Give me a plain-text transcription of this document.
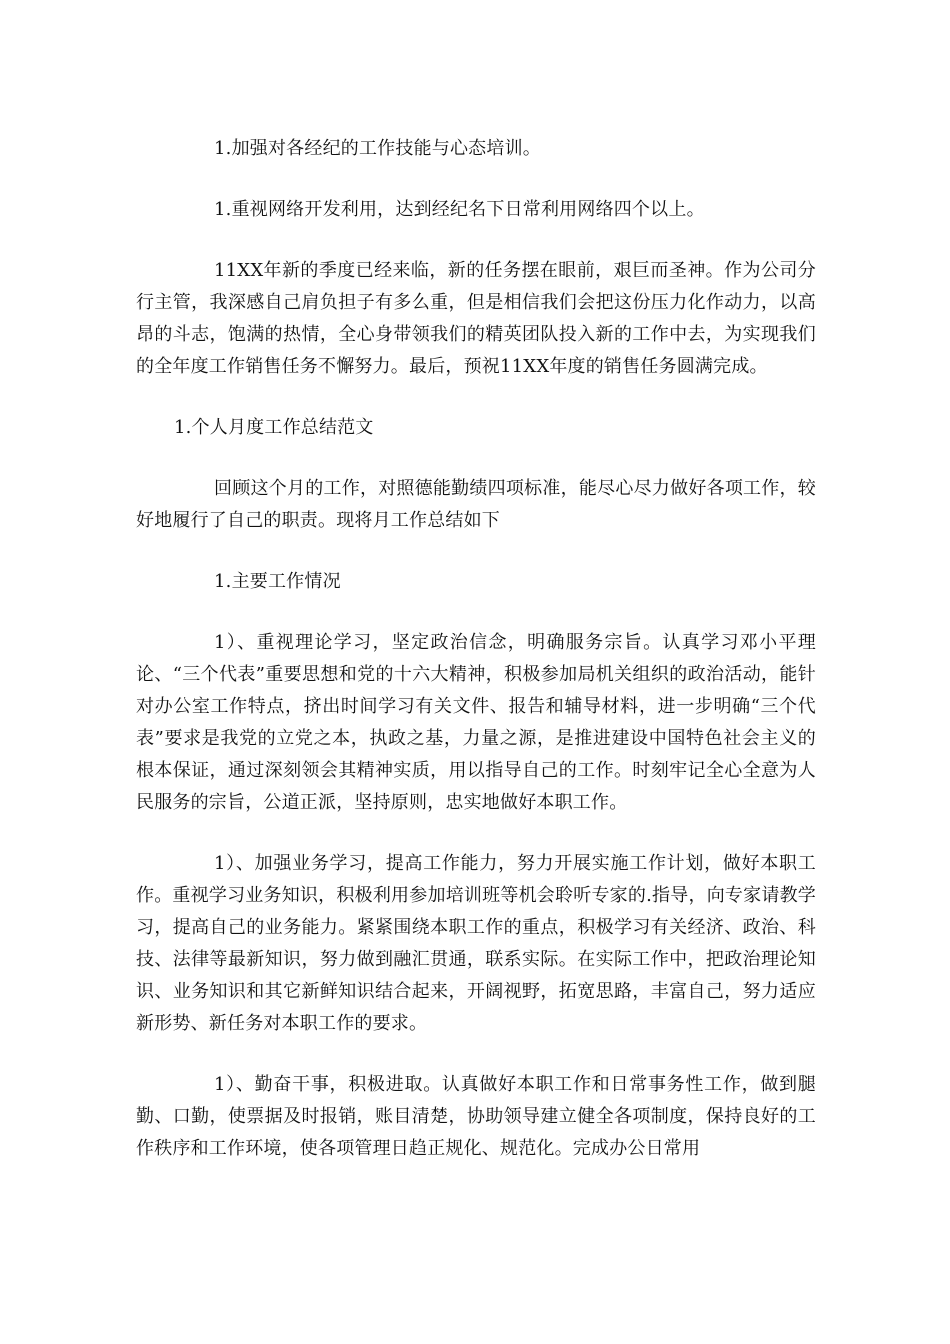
1.加强对各经纪的工作技能与心态培训。

1.重视网络开发利用，达到经纪名下日常利用网络四个以上。

11XX年新的季度已经来临，新的任务摆在眼前，艰巨而圣神。作为公司分行主管，我深感自己肩负担子有多么重，但是相信我们会把这份压力化作动力，以高昂的斗志，饱满的热情，全心身带领我们的精英团队投入新的工作中去，为实现我们的全年度工作销售任务不懈努力。最后，预祝11XX年度的销售任务圆满完成。

1.个人月度工作总结范文

回顾这个月的工作，对照德能勤绩四项标准，能尽心尽力做好各项工作，较好地履行了自己的职责。现将月工作总结如下

1.主要工作情况

1）、重视理论学习，坚定政治信念，明确服务宗旨。认真学习邓小平理论、“三个代表”重要思想和党的十六大精神，积极参加局机关组织的政治活动，能针对办公室工作特点，挤出时间学习有关文件、报告和辅导材料，进一步明确“三个代表”要求是我党的立党之本，执政之基，力量之源，是推进建设中国特色社会主义的根本保证，通过深刻领会其精神实质，用以指导自己的工作。时刻牢记全心全意为人民服务的宗旨，公道正派，坚持原则，忠实地做好本职工作。

1）、加强业务学习，提高工作能力，努力开展实施工作计划，做好本职工作。重视学习业务知识，积极利用参加培训班等机会聆听专家的.指导，向专家请教学习，提高自己的业务能力。紧紧围绕本职工作的重点，积极学习有关经济、政治、科技、法律等最新知识，努力做到融汇贯通，联系实际。在实际工作中，把政治理论知识、业务知识和其它新鲜知识结合起来，开阔视野，拓宽思路，丰富自己，努力适应新形势、新任务对本职工作的要求。

1）、勤奋干事，积极进取。认真做好本职工作和日常事务性工作，做到腿勤、口勤，使票据及时报销，账目清楚，协助领导建立健全各项制度，保持良好的工作秩序和工作环境，使各项管理日趋正规化、规范化。完成办公日常用
